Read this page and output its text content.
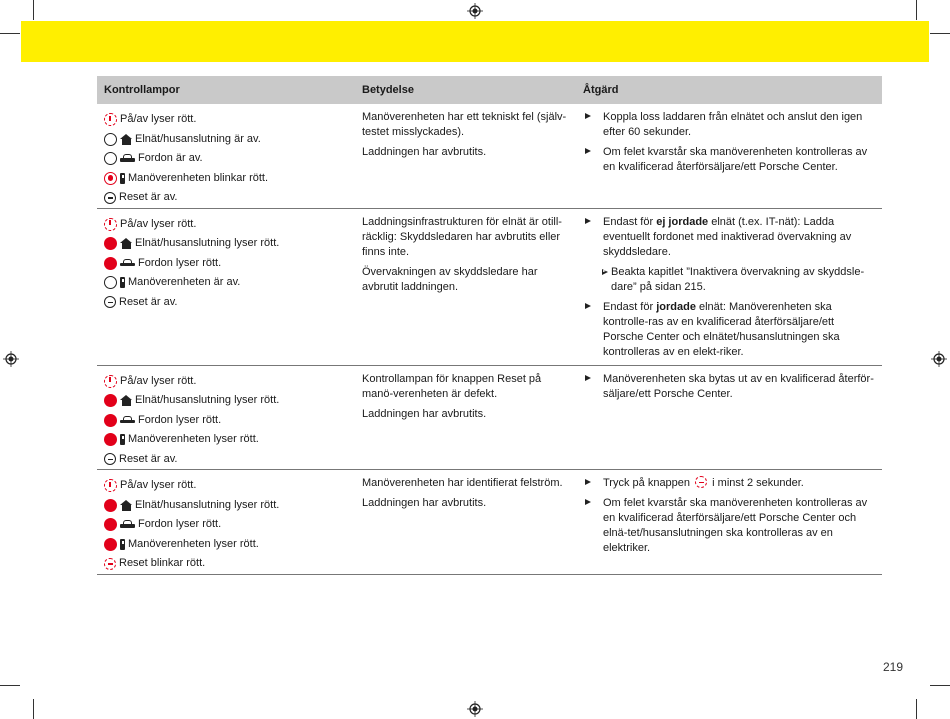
Kontrollampor	Betydelse	Åtgärd
På/av lyser rött.
Elnät/husanslutning är av.
Fordon är av.
Manöverenheten blinkar rött.
Reset är av.

Manöverenheten har ett tekniskt fel (själv-testet misslyckades).

Laddningen har avbrutits.

Koppla loss laddaren från elnätet och anslut den igen efter 60 sekunder.
Om felet kvarstår ska manöverenheten kontrolleras av en kvalificerad återförsäljare/ett Porsche Center.
På/av lyser rött.
Elnät/husanslutning lyser rött.
Fordon lyser rött.
Manöverenheten är av.
Reset är av.

Laddningsinfrastrukturen för elnät är otill-räcklig: Skyddsledaren har avbrutits eller finns inte.

Övervakningen av skyddsledare har avbrutit laddningen.

Endast för ej jordade elnät (t.ex. IT-nät): Ladda eventuellt fordonet med inaktiverad övervakning av skyddsledare.
Beakta kapitlet ”Inaktivera övervakning av skyddsle-dare” på sidan 215.
Endast för jordade elnät: Manöverenheten ska kontrolle-ras av en kvalificerad återförsäljare/ett Porsche Center och elnätet/husanslutningen ska kontrolleras av en elekt-riker.
På/av lyser rött.
Elnät/husanslutning lyser rött.
Fordon lyser rött.
Manöverenheten lyser rött.
Reset är av.

Kontrollampan för knappen Reset på manö-verenheten är defekt.

Laddningen har avbrutits.

Manöverenheten ska bytas ut av en kvalificerad återför-säljare/ett Porsche Center.
På/av lyser rött.
Elnät/husanslutning lyser rött.
Fordon lyser rött.
Manöverenheten lyser rött.
Reset blinkar rött.

Manöverenheten har identifierat felström.

Laddningen har avbrutits.

Tryck på knappen  i minst 2 sekunder.
Om felet kvarstår ska manöverenheten kontrolleras av en kvalificerad återförsäljare/ett Porsche Center och elnä-tet/husanslutningen ska kontrolleras av en elektriker.
219
